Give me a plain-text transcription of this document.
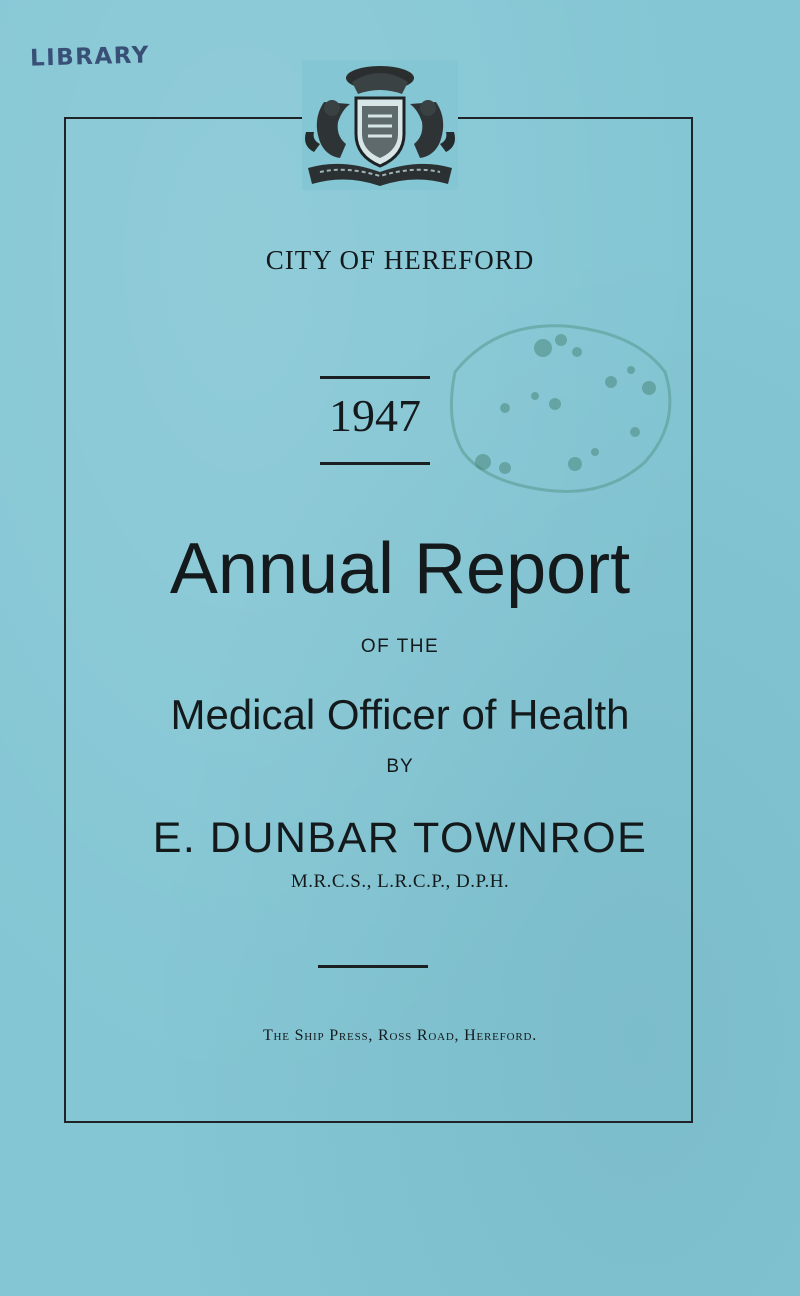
LIBRARY
CITY OF HEREFORD
1947
Annual Report
OF THE
Medical Officer of Health
BY
E. DUNBAR TOWNROE
M.R.C.S., L.R.C.P., D.P.H.
The Ship Press, Ross Road, Hereford.
